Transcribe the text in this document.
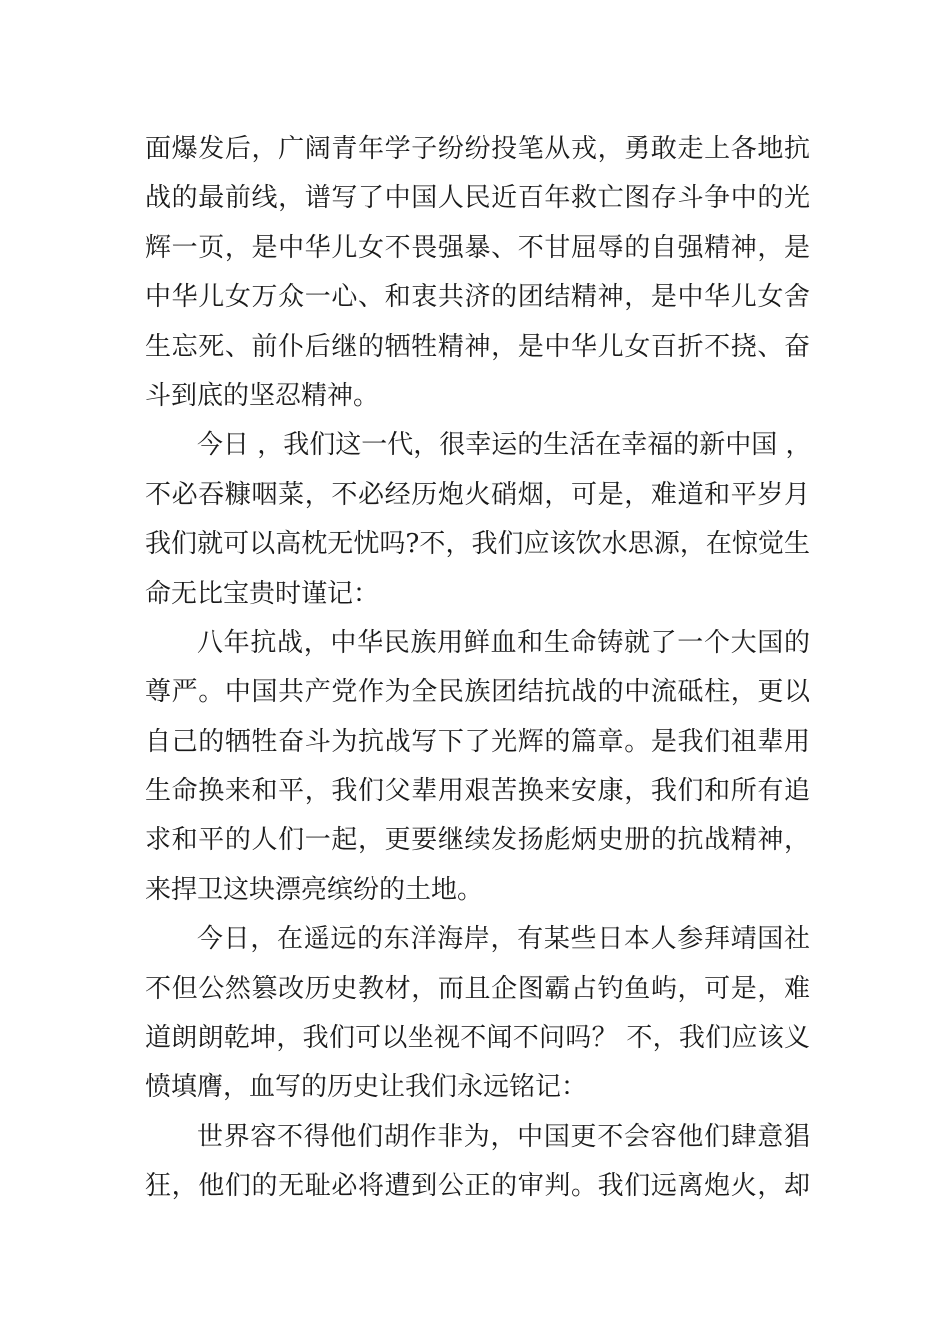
面爆发后，广阔青年学子纷纷投笔从戎，勇敢走上各地抗
战的最前线，谱写了中国人民近百年救亡图存斗争中的光
辉一页，是中华儿女不畏强暴、不甘屈辱的自强精神，是
中华儿女万众一心、和衷共济的团结精神，是中华儿女舍
生忘死、前仆后继的牺牲精神，是中华儿女百折不挠、奋
斗到底的坚忍精神。
今日 ，我们这一代，很幸运的生活在幸福的新中国 ，
不必吞糠咽菜，不必经历炮火硝烟，可是，难道和平岁月
我们就可以高枕无忧吗?不，我们应该饮水思源，在惊觉生
命无比宝贵时谨记：
八年抗战，中华民族用鲜血和生命铸就了一个大国的
尊严。中国共产党作为全民族团结抗战的中流砥柱，更以
自己的牺牲奋斗为抗战写下了光辉的篇章。是我们祖辈用
生命换来和平，我们父辈用艰苦换来安康，我们和所有追
求和平的人们一起，更要继续发扬彪炳史册的抗战精神，
来捍卫这块漂亮缤纷的土地。
今日，在遥远的东洋海岸，有某些日本人参拜靖国社
不但公然篡改历史教材，而且企图霸占钓鱼屿，可是，难
道朗朗乾坤，我们可以坐视不闻不问吗？ 不，我们应该义
愤填膺，血写的历史让我们永远铭记：
世界容不得他们胡作非为，中国更不会容他们肆意猖
狂，他们的无耻必将遭到公正的审判。我们远离炮火，却
